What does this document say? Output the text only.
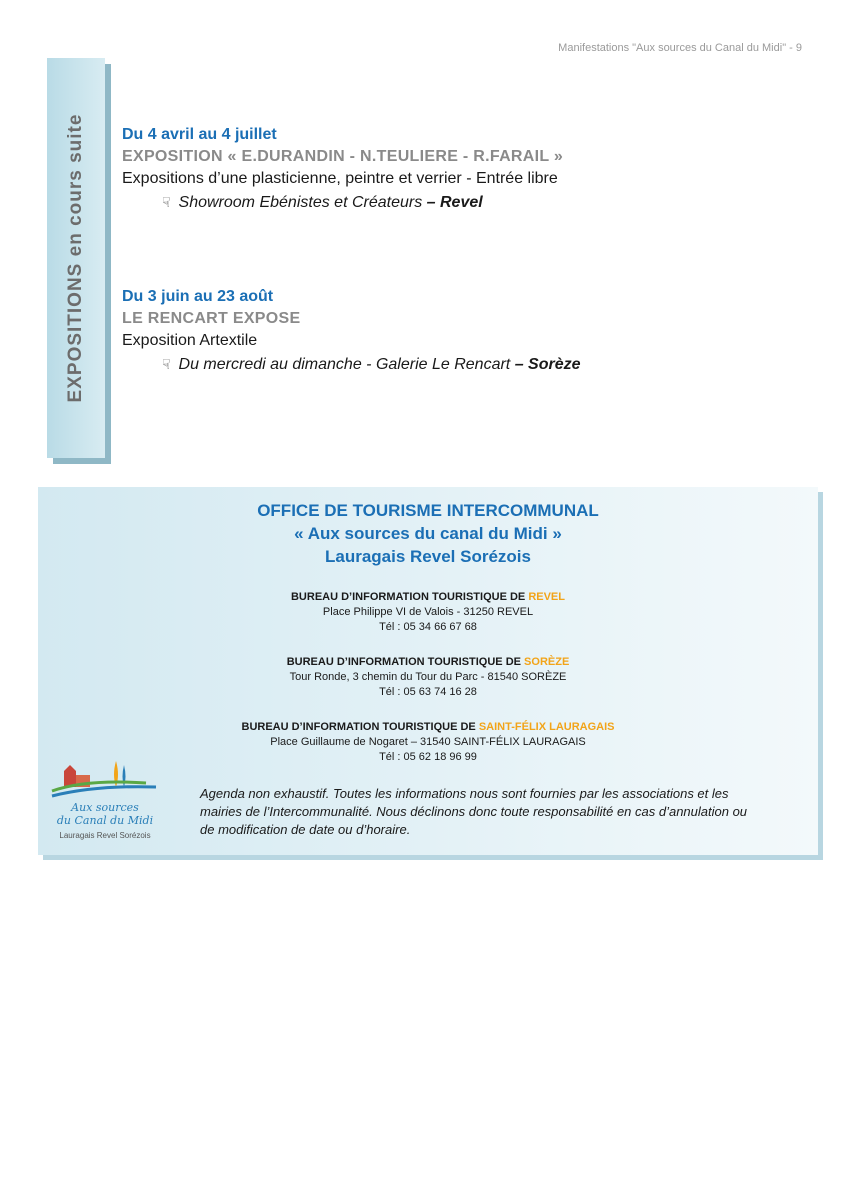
Manifestations "Aux sources du Canal du Midi" - 9
EXPOSITIONS en cours suite Du 4 avril au 4 juillet
EXPOSITION « E.DURANDIN - N.TEULIERE - R.FARAIL »
Expositions d’une plasticienne, peintre et verrier - Entrée libre
☟ Showroom Ebénistes et Créateurs – Revel
Du 3 juin au 23 août
LE RENCART EXPOSE
Exposition Artextile
☟ Du mercredi au dimanche - Galerie Le Rencart – Sorèze
OFFICE DE TOURISME INTERCOMMUNAL
« Aux sources du canal du Midi »
Lauragais Revel Sorézois
BUREAU D’INFORMATION TOURISTIQUE DE REVEL
Place Philippe VI de Valois - 31250 REVEL
Tél : 05 34 66 67 68
BUREAU D’INFORMATION TOURISTIQUE DE SORÈZE
Tour Ronde, 3 chemin du Tour du Parc - 81540 SORÈZE
Tél : 05 63 74 16 28
BUREAU D’INFORMATION TOURISTIQUE DE SAINT-FÉLIX LAURAGAIS
Place Guillaume de Nogaret – 31540 SAINT-FÉLIX LAURAGAIS
Tél : 05 62 18 96 99
Aux sources
du Canal du Midi
Lauragais Revel Sorézois
Agenda non exhaustif. Toutes les informations nous sont fournies par les associations et les mairies de l’Intercommunalité. Nous déclinons donc toute responsabilité en cas d’annulation ou de modification de date ou d’horaire.
